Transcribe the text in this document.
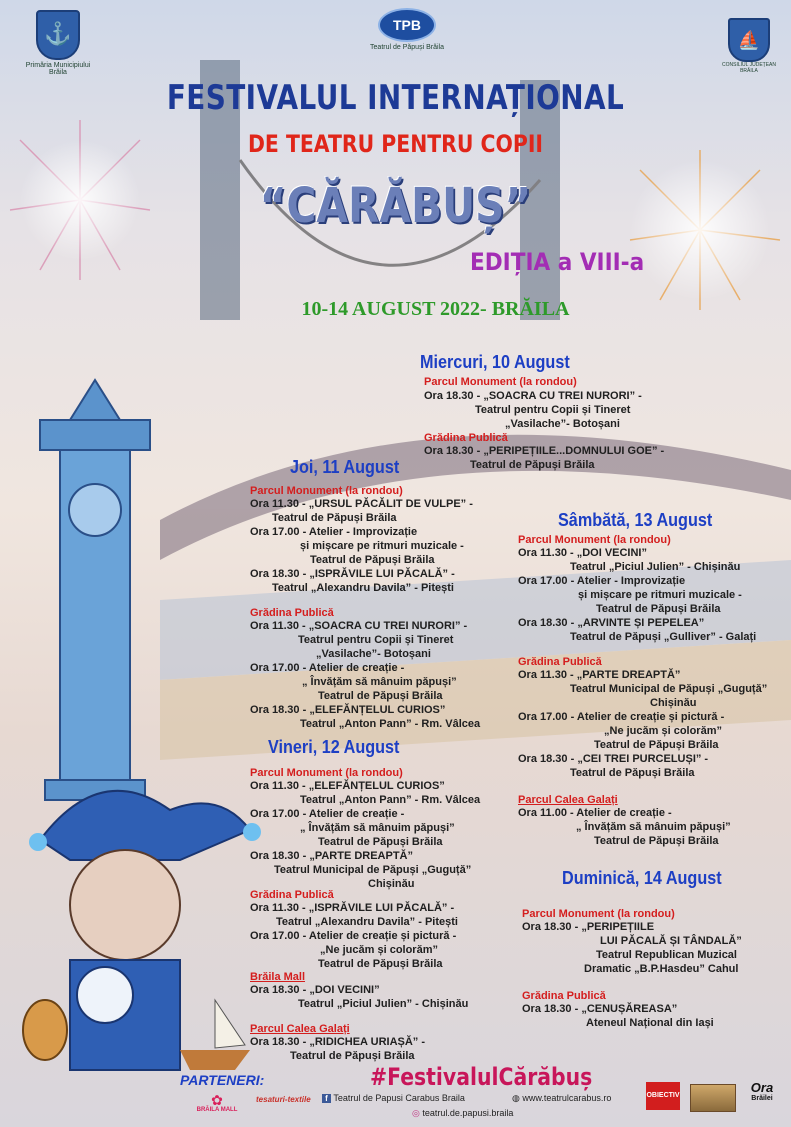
⚓
Primăria Municipiului Brăila
TPB
Teatrul de Păpuși Brăila	⛵
CONSILIUL JUDEȚEAN BRĂILA
FESTIVALUL INTERNAȚIONAL
DE TEATRU PENTRU COPII
“CĂRĂBUȘ”
EDIȚIA a VIII-a
10-14 AUGUST 2022- BRĂILA
Miercuri, 10 August
Parcul Monument (la rondou)
Ora 18.30 - „SOACRA CU TREI NURORI” -
Teatrul pentru Copii și Tineret
„Vasilache”- Botoșani
Grădina Publică
Ora 18.30 - „PERIPEȚIILE...DOMNULUI GOE” -
Teatrul de Păpuși Brăila
Joi, 11 August
Parcul Monument (la rondou)
Ora 11.30 - „URSUL PĂCĂLIT DE VULPE” -
Teatrul de Păpuși Brăila
Ora 17.00 - Atelier - Improvizație
și mișcare pe ritmuri muzicale -
Teatrul de Păpuși Brăila
Ora 18.30 - „ISPRĂVILE LUI PĂCALĂ” -
Teatrul „Alexandru Davila” - Pitești
Grădina Publică
Ora 11.30 - „SOACRA CU TREI NURORI” -
Teatrul pentru Copii și Tineret
„Vasilache”- Botoșani
Ora 17.00 - Atelier de creație -
„ Învățăm să mânuim păpuși”
Teatrul de Păpuși Brăila
Ora 18.30 - „ELEFĂNȚELUL CURIOS”
Teatrul „Anton Pann” - Rm. Vâlcea
Sâmbătă, 13 August
Parcul Monument (la rondou)
Ora 11.30 - „DOI VECINI”
Teatrul „Piciul Julien” - Chișinău
Ora 17.00 - Atelier - Improvizație
și mișcare pe ritmuri muzicale -
Teatrul de Păpuși Brăila
Ora 18.30 - „ARVINTE ȘI PEPELEA”
Teatrul de Păpuși „Gulliver” - Galați
Grădina Publică
Ora 11.30 - „PARTE DREAPTĂ”
Teatrul Municipal de Păpuși „Guguță”
Chișinău
Ora 17.00 - Atelier de creație și pictură -
„Ne jucăm și colorăm”
Teatrul de Păpuși Brăila
Ora 18.30 - „CEI TREI PURCELUȘI” -
Teatrul de Păpuși Brăila
Parcul Calea Galați
Ora 11.00 - Atelier de creație -
„ Învățăm să mânuim păpuși”
Teatrul de Păpuși Brăila
Vineri, 12 August
Parcul Monument (la rondou)
Ora 11.30 - „ELEFĂNȚELUL CURIOS”
Teatrul „Anton Pann” - Rm. Vâlcea
Ora 17.00 - Atelier de creație -
„ Învățăm să mânuim păpuși”
Teatrul de Păpuși Brăila
Ora 18.30 - „PARTE DREAPTĂ”
Teatrul Municipal de Păpuși „Guguță”
Chișinău
Grădina Publică
Ora 11.30 - „ISPRĂVILE LUI PĂCALĂ” -
Teatrul „Alexandru Davila” - Pitești
Ora 17.00 - Atelier de creație și pictură -
„Ne jucăm și colorăm”
Teatrul de Păpuși Brăila
Brăila Mall
Ora 18.30 - „DOI VECINI”
Teatrul „Piciul Julien” - Chișinău
Parcul Calea Galați
Ora 18.30 - „RIDICHEA URIAȘĂ” -
Teatrul de Păpuși Brăila
Duminică, 14 August
Parcul Monument (la rondou)
Ora 18.30 - „PERIPEȚIILE
LUI PĂCALĂ ȘI TÂNDALĂ”
Teatrul Republican Muzical
Dramatic „B.P.Hasdeu” Cahul
Grădina Publică
Ora 18.30 - „CENUȘĂREASA”
Ateneul Național din Iași
PARTENERI:	#FestivalulCărăbuș
✿
BRĂILA MALL
tesaturi-textile	f Teatrul de Papusi Carabus Braila	◍ www.teatrulcarabus.ro
◎ teatrul.de.papusi.braila
OBIECTIV
Ora
Brăilei
